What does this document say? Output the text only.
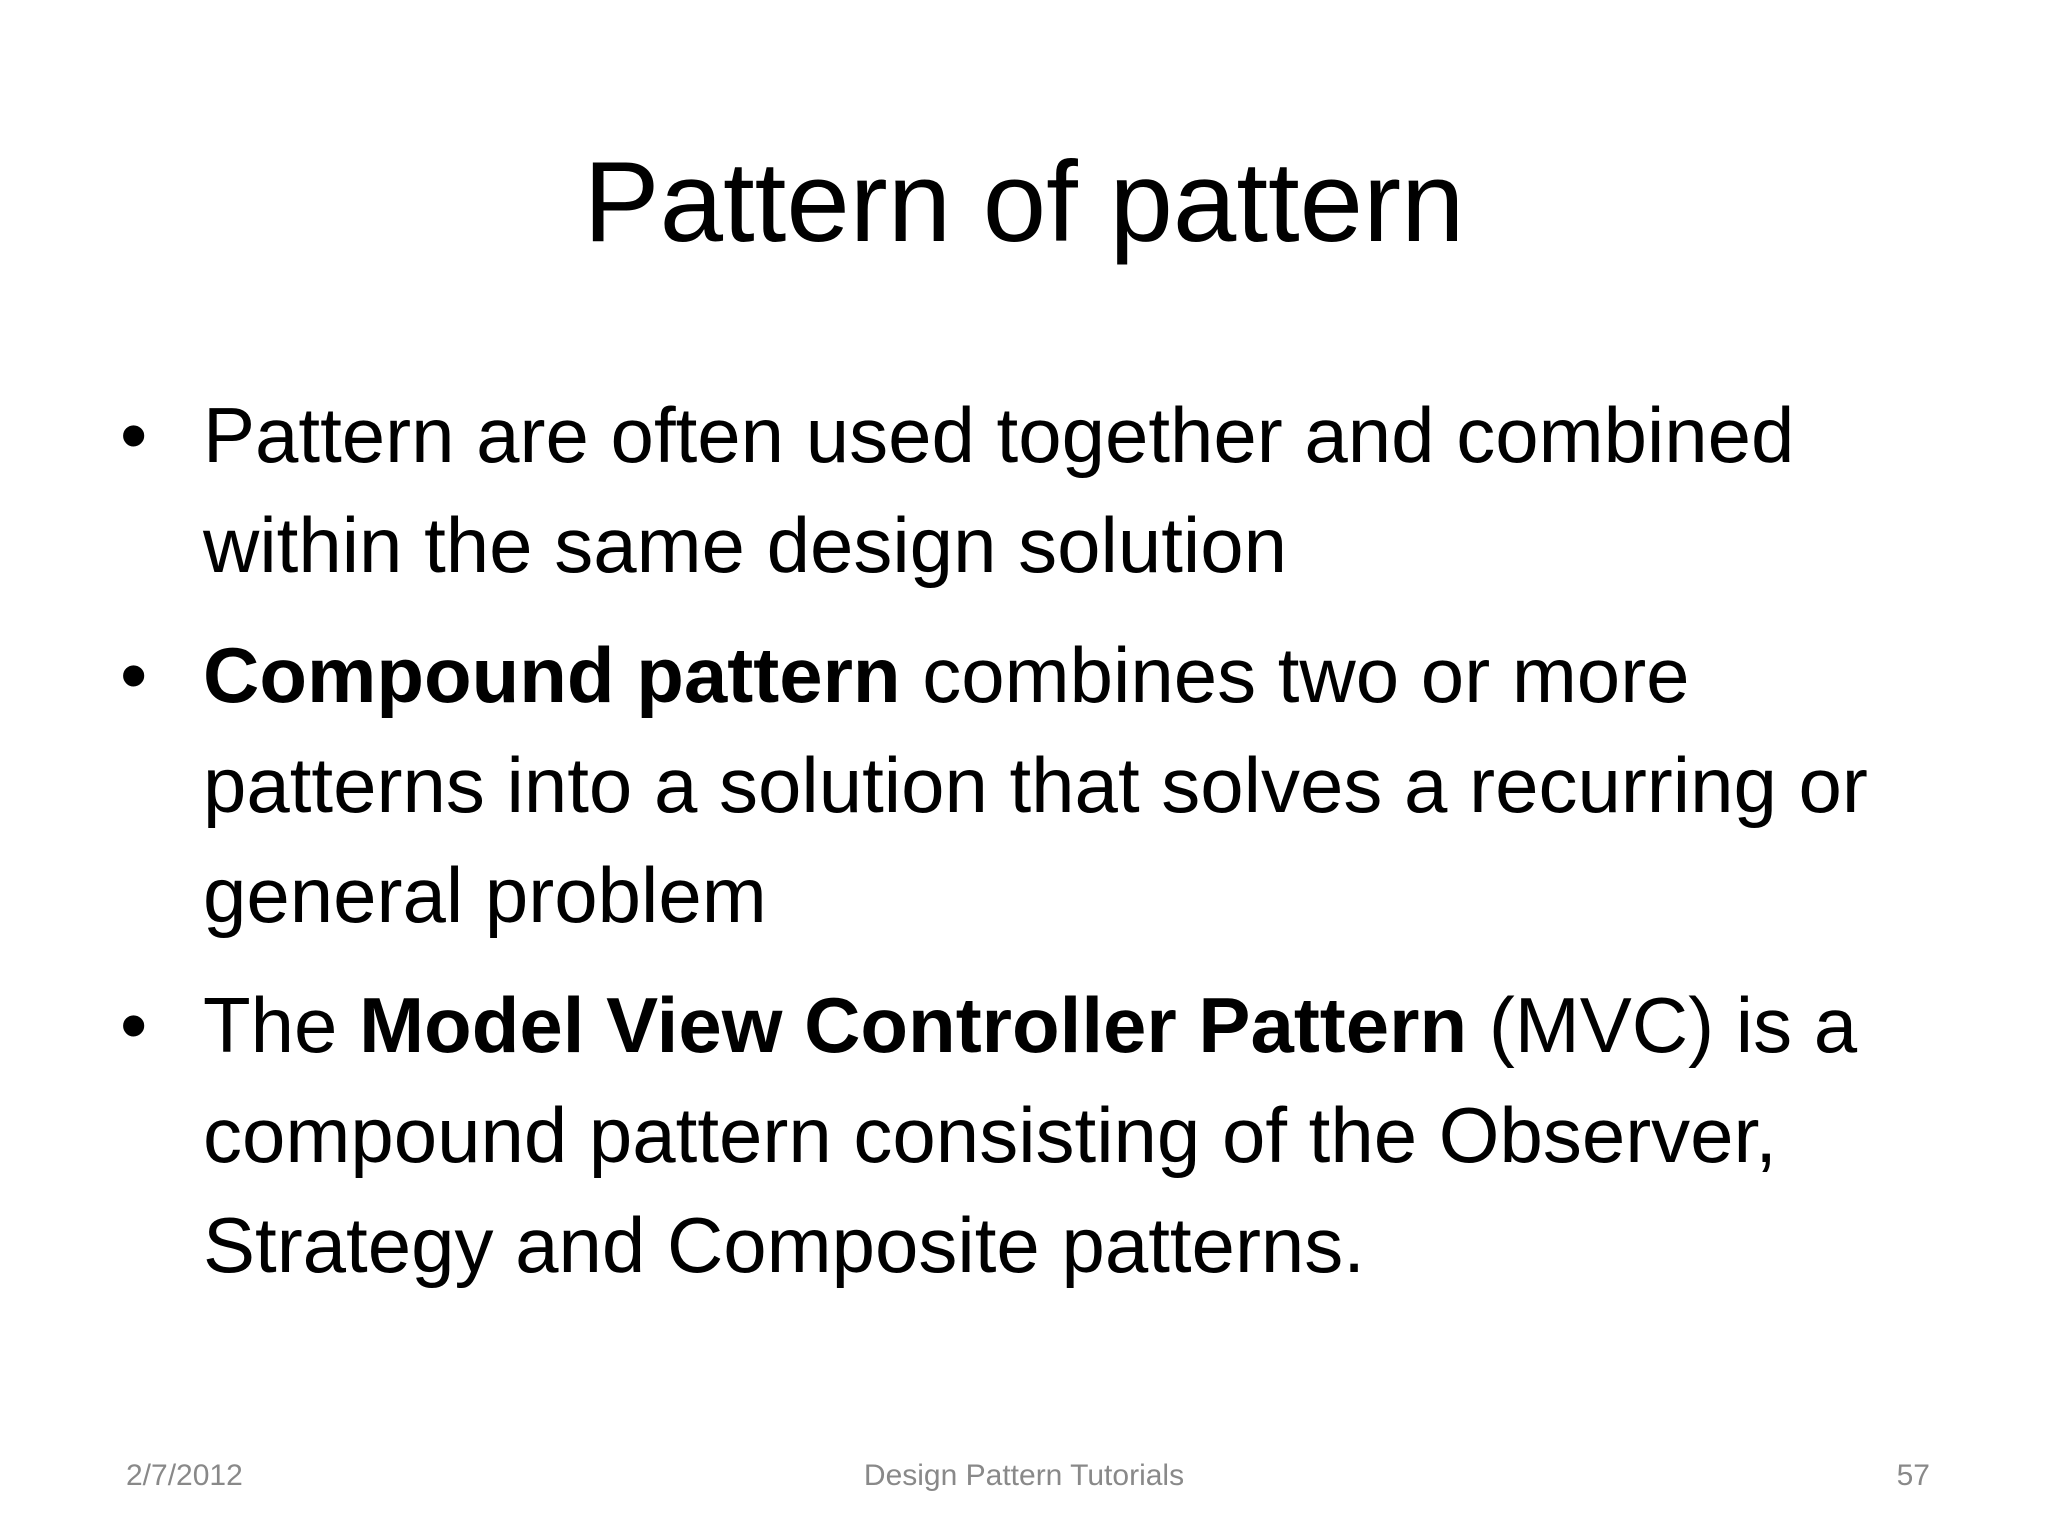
Pattern of pattern
• Pattern are often used together and combined within the same design solution
• Compound pattern combines two or more patterns into a solution that solves a recurring or general problem
• The Model View Controller Pattern (MVC) is a compound pattern consisting of the Observer, Strategy and Composite patterns.
2/7/2012	Design Pattern Tutorials	57
